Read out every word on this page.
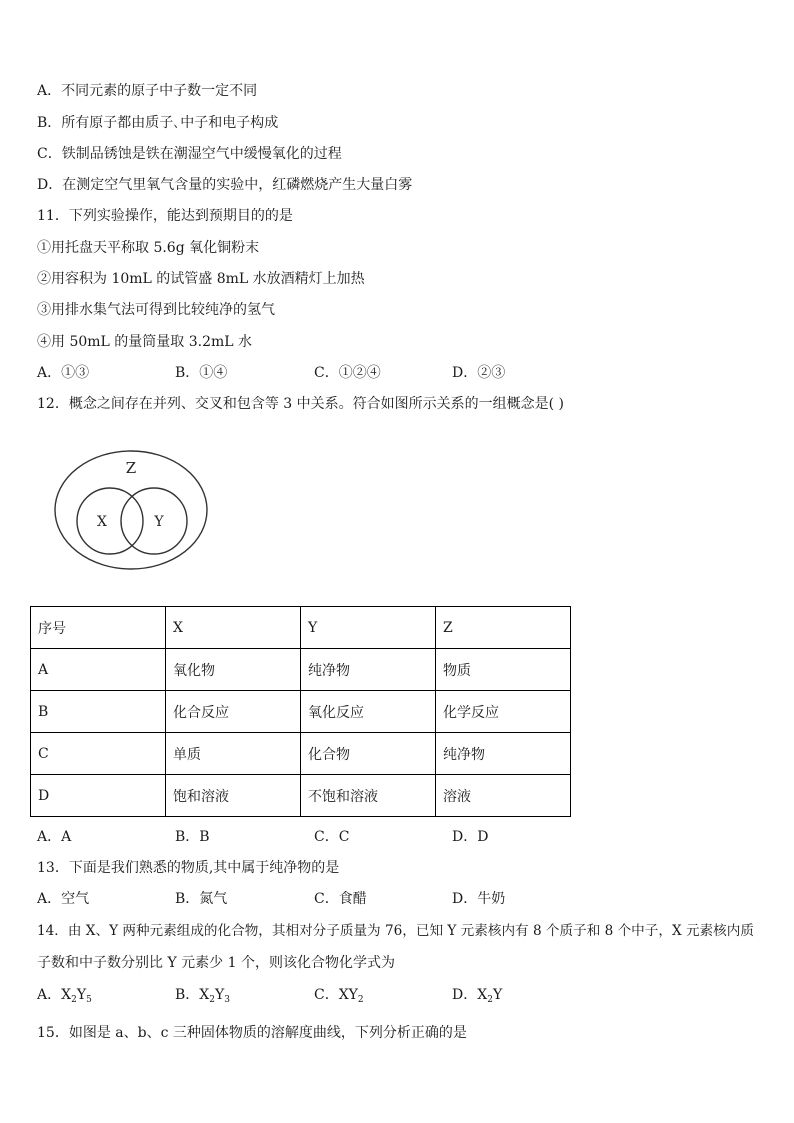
A．不同元素的原子中子数一定不同
B．所有原子都由质子､中子和电子构成
C．铁制品锈蚀是铁在潮湿空气中缓慢氧化的过程
D．在测定空气里氧气含量的实验中，红磷燃烧产生大量白雾
11．下列实验操作，能达到预期目的的是
①用托盘天平称取 5.6g 氧化铜粉末
②用容积为 10mL 的试管盛 8mL 水放酒精灯上加热
③用排水集气法可得到比较纯净的氢气
④用 50mL 的量筒量取 3.2mL 水
A．①③	B．①④	C．①②④	D．②③
12．概念之间存在并列、交叉和包含等 3 中关系。符合如图所示关系的一组概念是( )
Z
X	Y
序号	X	Y	Z
A	氧化物	纯净物	物质
B	化合反应	氧化反应	化学反应
C	单质	化合物	纯净物
D	饱和溶液	不饱和溶液	溶液
A．A	B．B	C．C	D．D
13．下面是我们熟悉的物质,其中属于纯净物的是
A．空气	B．氮气	C．食醋	D．牛奶
14．由 X、Y 两种元素组成的化合物，其相对分子质量为 76，已知 Y 元素核内有 8 个质子和 8 个中子，X 元素核内质
子数和中子数分别比 Y 元素少 1 个，则该化合物化学式为
A．$X_2Y_5$	B．$X_2Y_3$	C．$XY_2$	D．$X_2Y$
15．如图是 a、b、c 三种固体物质的溶解度曲线，下列分析正确的是
